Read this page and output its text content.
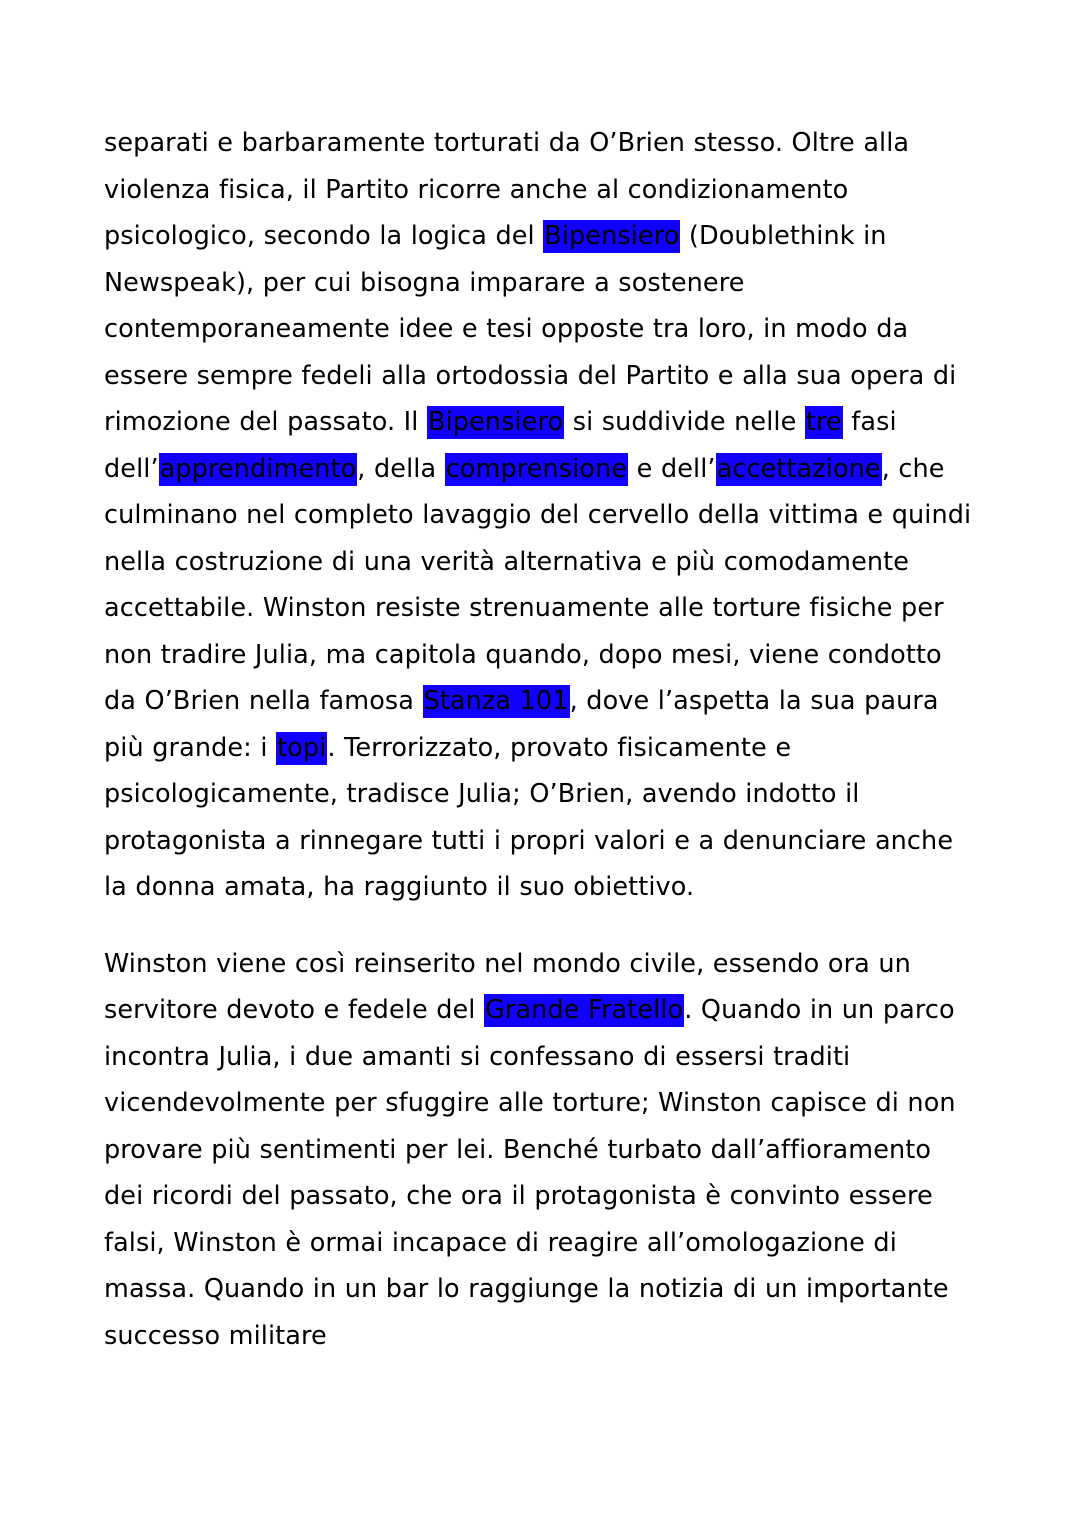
separati e barbaramente torturati da O’Brien stesso. Oltre alla violenza fisica, il Partito ricorre anche al condizionamento psicologico, secondo la logica del Bipensiero (Doublethink in Newspeak), per cui bisogna imparare a sostenere contemporaneamente idee e tesi opposte tra loro, in modo da essere sempre fedeli alla ortodossia del Partito e alla sua opera di rimozione del passato. Il Bipensiero si suddivide nelle tre fasi dell’apprendimento, della comprensione e dell’accettazione, che culminano nel completo lavaggio del cervello della vittima e quindi nella costruzione di una verità alternativa e più comodamente accettabile. Winston resiste strenuamente alle torture fisiche per non tradire Julia, ma capitola quando, dopo mesi, viene condotto da O’Brien nella famosa Stanza 101, dove l’aspetta la sua paura più grande: i topi. Terrorizzato, provato fisicamente e psicologicamente, tradisce Julia; O’Brien, avendo indotto il protagonista a rinnegare tutti i propri valori e a denunciare anche la donna amata, ha raggiunto il suo obiettivo.

Winston viene così reinserito nel mondo civile, essendo ora un servitore devoto e fedele del Grande Fratello. Quando in un parco incontra Julia, i due amanti si confessano di essersi traditi vicendevolmente per sfuggire alle torture; Winston capisce di non provare più sentimenti per lei. Benché turbato dall’affioramento dei ricordi del passato, che ora il protagonista è convinto essere falsi, Winston è ormai incapace di reagire all’omologazione di massa. Quando in un bar lo raggiunge la notizia di un importante successo militare
